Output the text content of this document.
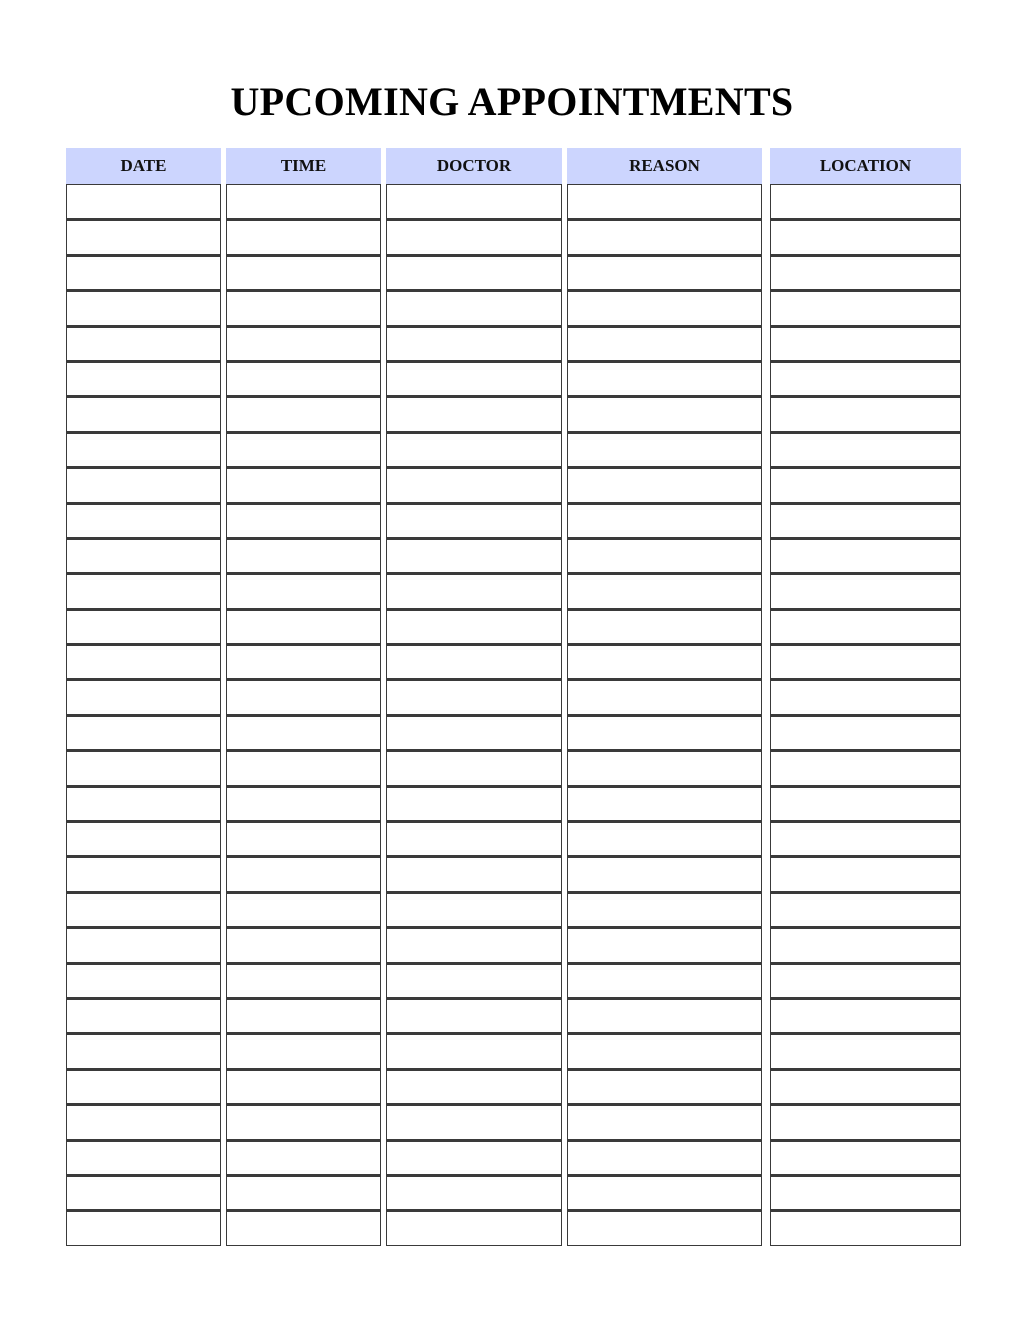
UPCOMING APPOINTMENTS
DATE	TIME	DOCTOR	REASON	LOCATION
